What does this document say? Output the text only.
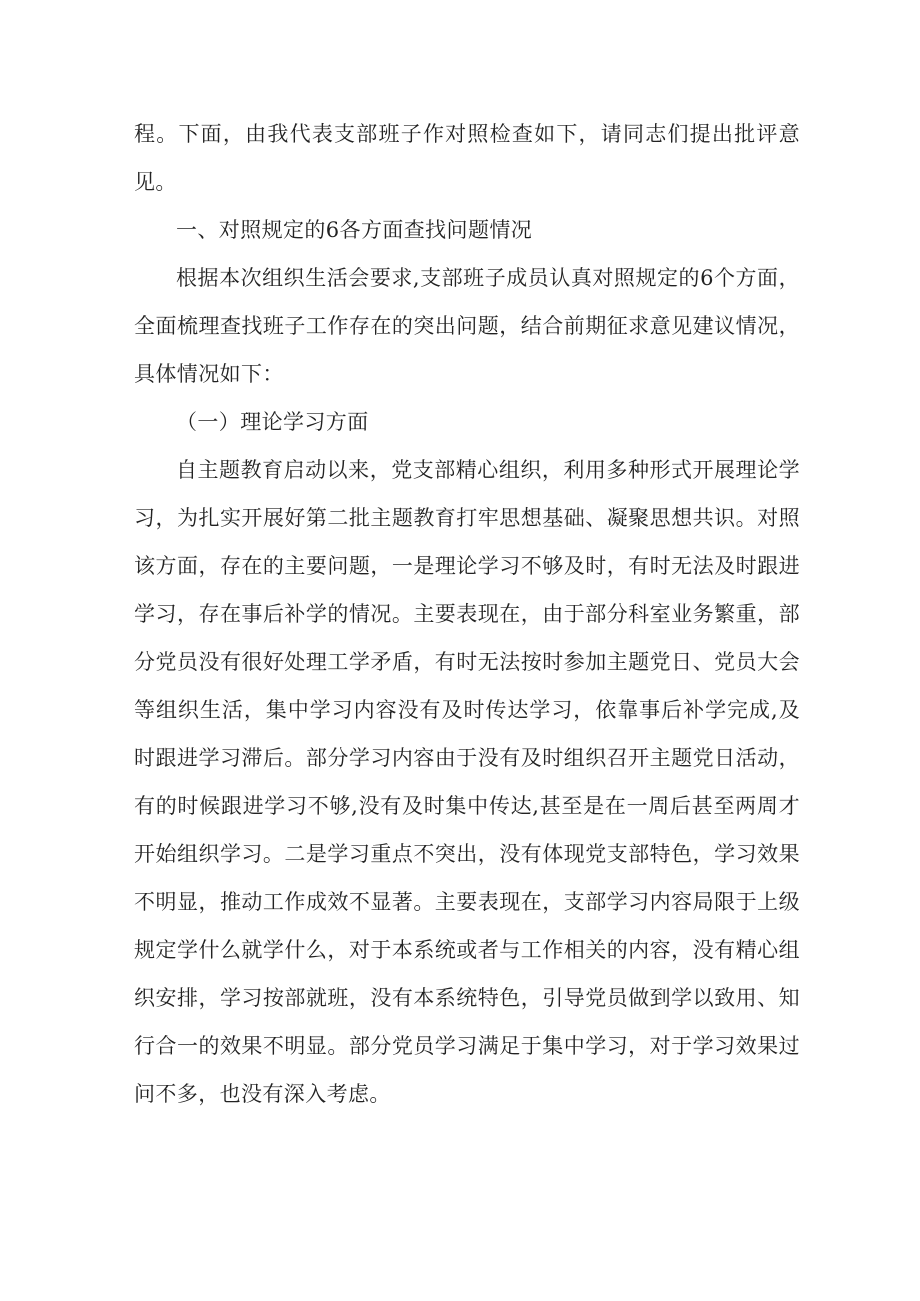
程。下面，由我代表支部班子作对照检查如下，请同志们提出批评意见。

一、对照规定的6各方面查找问题情况

根据本次组织生活会要求,支部班子成员认真对照规定的6个方面，全面梳理查找班子工作存在的突出问题，结合前期征求意见建议情况，具体情况如下：

（一）理论学习方面

自主题教育启动以来，党支部精心组织，利用多种形式开展理论学习，为扎实开展好第二批主题教育打牢思想基础、凝聚思想共识。对照该方面，存在的主要问题，一是理论学习不够及时，有时无法及时跟进学习，存在事后补学的情况。主要表现在，由于部分科室业务繁重，部分党员没有很好处理工学矛盾，有时无法按时参加主题党日、党员大会等组织生活，集中学习内容没有及时传达学习，依靠事后补学完成,及时跟进学习滞后。部分学习内容由于没有及时组织召开主题党日活动，有的时候跟进学习不够,没有及时集中传达,甚至是在一周后甚至两周才开始组织学习。二是学习重点不突出，没有体现党支部特色，学习效果不明显，推动工作成效不显著。主要表现在，支部学习内容局限于上级规定学什么就学什么，对于本系统或者与工作相关的内容，没有精心组织安排，学习按部就班，没有本系统特色，引导党员做到学以致用、知行合一的效果不明显。部分党员学习满足于集中学习，对于学习效果过问不多，也没有深入考虑。
